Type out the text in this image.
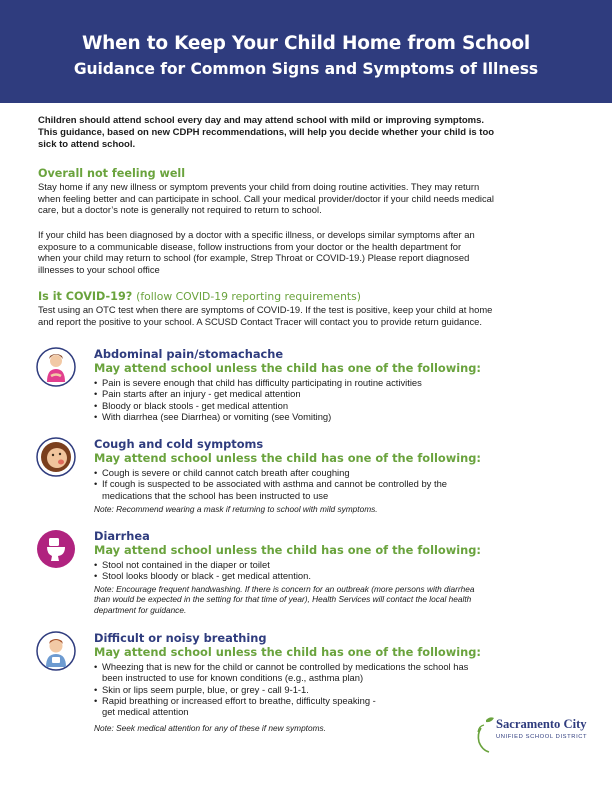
When to Keep Your Child Home from School
Guidance for Common Signs and Symptoms of Illness
Children should attend school every day and may attend school with mild or improving symptoms.
This guidance, based on new CDPH recommendations, will help you decide whether your child is too
sick to attend school.
Overall not feeling well
Stay home if any new illness or symptom prevents your child from doing routine activities. They may return
when feeling better and can participate in school. Call your medical provider/doctor if your child needs medical
care, but a doctor’s note is generally not required to return to school.
If your child has been diagnosed by a doctor with a specific illness, or develops similar symptoms after an
exposure to a communicable disease, follow instructions from your doctor or the health department for
when your child may return to school (for example, Strep Throat or COVID-19.) Please report diagnosed
illnesses to your school office
Is it COVID-19? (follow COVID-19 reporting requirements)
Test using an OTC test when there are symptoms of COVID-19. If the test is positive, keep your child at home
and report the positive to your school. A SCUSD Contact Tracer will contact you to provide return guidance.
Abdominal pain/stomachache
May attend school unless the child has one of the following:
• Pain is severe enough that child has difficulty participating in routine activities
• Pain starts after an injury - get medical attention
• Bloody or black stools - get medical attention
• With diarrhea (see Diarrhea) or vomiting (see Vomiting)
Cough and cold symptoms
May attend school unless the child has one of the following:
• Cough is severe or child cannot catch breath after coughing
• If cough is suspected to be associated with asthma and cannot be controlled by the
medications that the school has been instructed to use
Note: Recommend wearing a mask if returning to school with mild symptoms.
Diarrhea
May attend school unless the child has one of the following:
• Stool not contained in the diaper or toilet
• Stool looks bloody or black - get medical attention.
Note: Encourage frequent handwashing. If there is concern for an outbreak (more persons with diarrhea
than would be expected in the setting for that time of year), Health Services will contact the local health
department for guidance.
Difficult or noisy breathing
May attend school unless the child has one of the following:
• Wheezing that is new for the child or cannot be controlled by medications the school has
been instructed to use for known conditions (e.g., asthma plan)
• Skin or lips seem purple, blue, or grey - call 9-1-1.
• Rapid breathing or increased effort to breathe, difficulty speaking -
get medical attention
Note: Seek medical attention for any of these if new symptoms.	Sacramento City
UNIFIED SCHOOL DISTRICT
